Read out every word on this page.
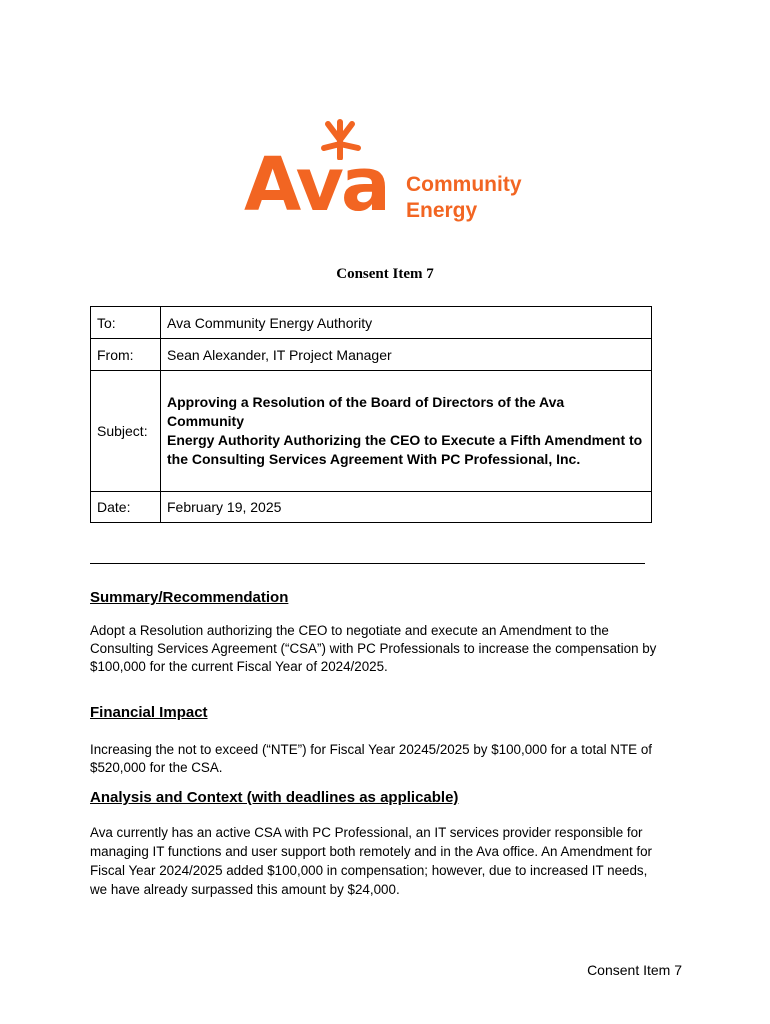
Ava Community
Energy
Consent Item 7
To:	Ava Community Energy Authority
From:	Sean Alexander, IT Project Manager
Subject:	Approving a Resolution of the Board of Directors of the Ava Community
Energy Authority Authorizing the CEO to Execute a Fifth Amendment to
the Consulting Services Agreement With PC Professional, Inc.

Date:	February 19, 2025
Summary/Recommendation
Adopt a Resolution authorizing the CEO to negotiate and execute an Amendment to the
Consulting Services Agreement (“CSA”) with PC Professionals to increase the compensation by
$100,000 for the current Fiscal Year of 2024/2025.
Financial Impact
Increasing the not to exceed (“NTE”) for Fiscal Year 20245/2025 by $100,000 for a total NTE of
$520,000 for the CSA.
Analysis and Context (with deadlines as applicable)
Ava currently has an active CSA with PC Professional, an IT services provider responsible for
managing IT functions and user support both remotely and in the Ava office. An Amendment for
Fiscal Year 2024/2025 added $100,000 in compensation; however, due to increased IT needs,
we have already surpassed this amount by $24,000.
Consent Item 7
